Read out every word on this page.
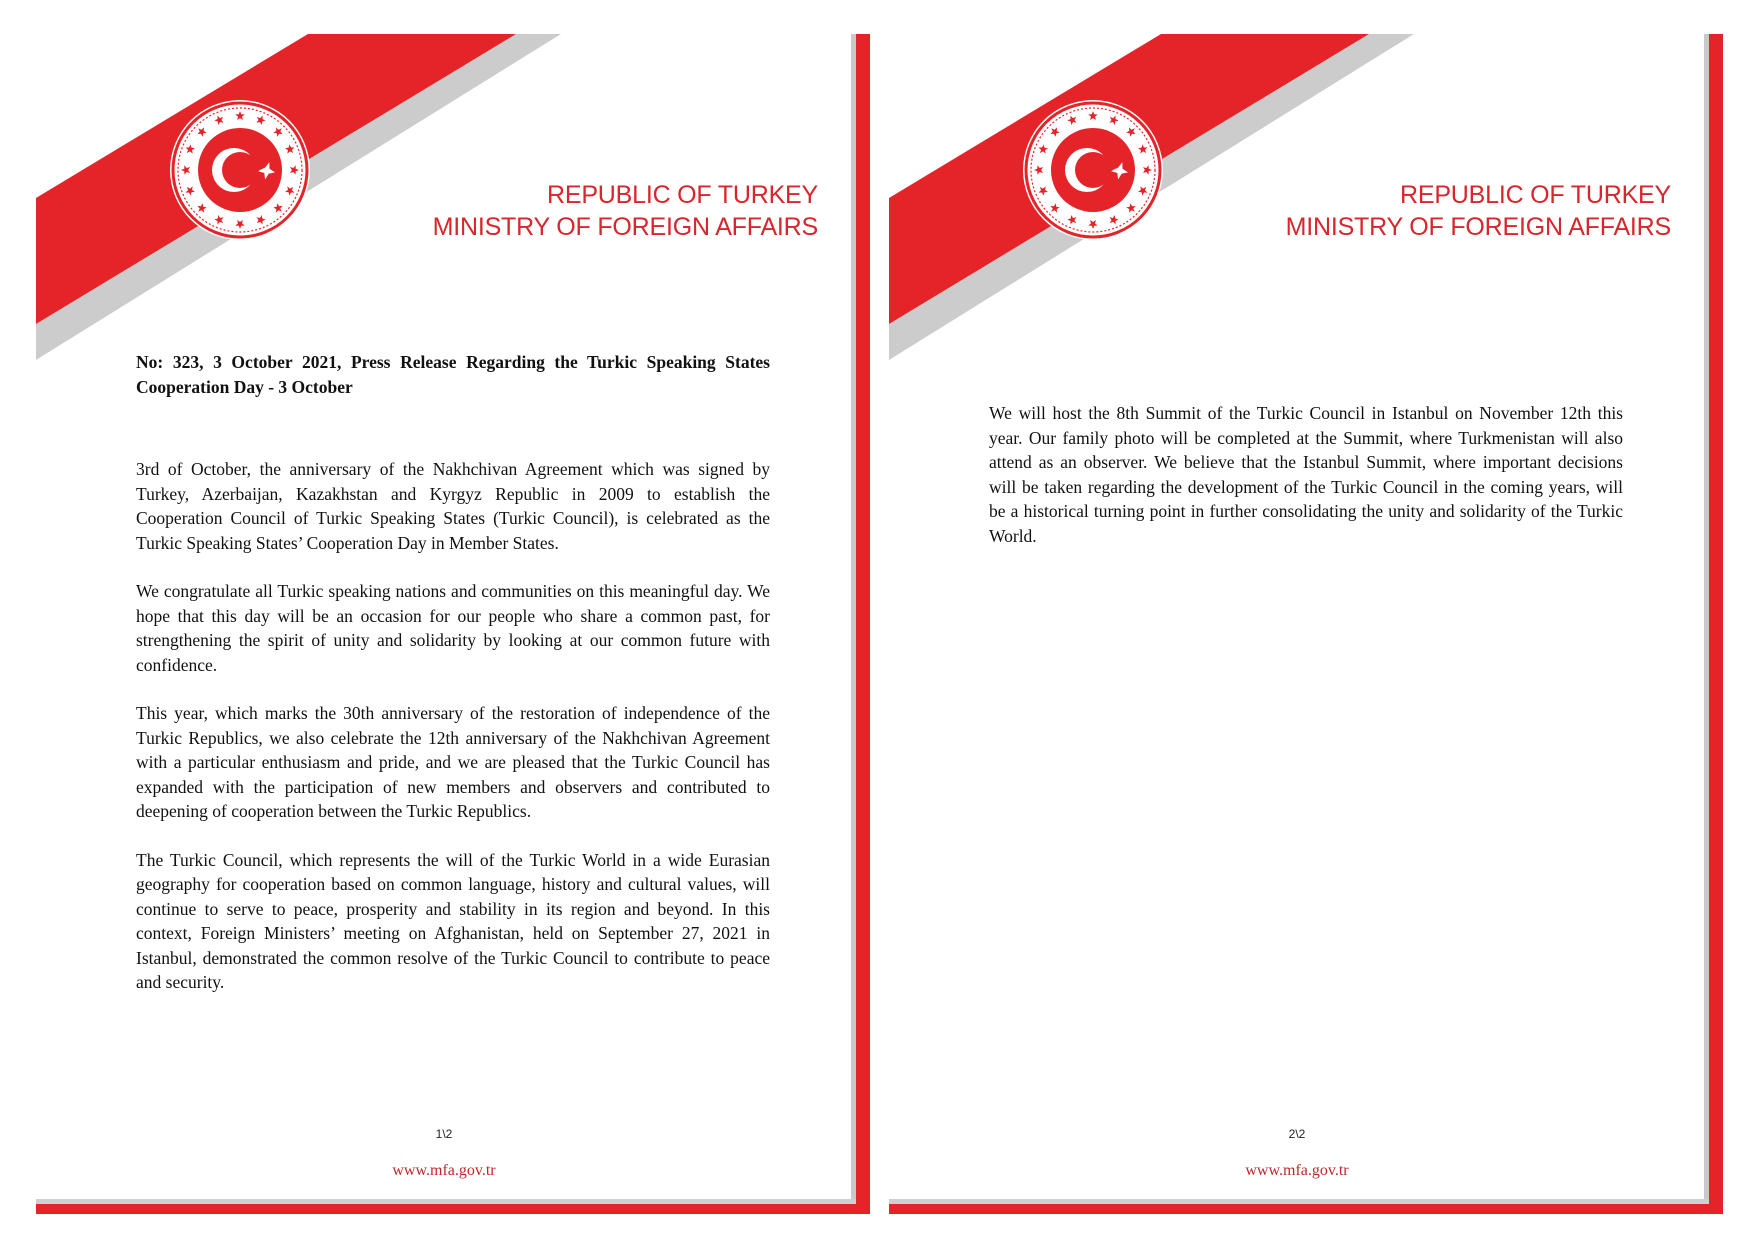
REPUBLIC OF TURKEY
MINISTRY OF FOREIGN AFFAIRS
No: 323, 3 October 2021, Press Release Regarding the Turkic Speaking States Cooperation Day - 3 October

3rd of October, the anniversary of the Nakhchivan Agreement which was signed by Turkey, Azerbaijan, Kazakhstan and Kyrgyz Republic in 2009 to establish the Cooperation Council of Turkic Speaking States (Turkic Council), is celebrated as the Turkic Speaking States’ Cooperation Day in Member States.

We congratulate all Turkic speaking nations and communities on this meaningful day. We hope that this day will be an occasion for our people who share a common past, for strengthening the spirit of unity and solidarity by looking at our common future with confidence.

This year, which marks the 30th anniversary of the restoration of independence of the Turkic Republics, we also celebrate the 12th anniversary of the Nakhchivan Agreement with a particular enthusiasm and pride, and we are pleased that the Turkic Council has expanded with the participation of new members and observers and contributed to deepening of cooperation between the Turkic Republics.

The Turkic Council, which represents the will of the Turkic World in a wide Eurasian geography for cooperation based on common language, history and cultural values, will continue to serve to peace, prosperity and stability in its region and beyond. In this context, Foreign Ministers’ meeting on Afghanistan, held on September 27, 2021 in Istanbul, demonstrated the common resolve of the Turkic Council to contribute to peace and security.

1\2
www.mfa.gov.tr
REPUBLIC OF TURKEY
MINISTRY OF FOREIGN AFFAIRS

We will host the 8th Summit of the Turkic Council in Istanbul on November 12th this year. Our family photo will be completed at the Summit, where Turkmenistan will also attend as an observer. We believe that the Istanbul Summit, where important decisions will be taken regarding the development of the Turkic Council in the coming years, will be a historical turning point in further consolidating the unity and solidarity of the Turkic World.

2\2
www.mfa.gov.tr
